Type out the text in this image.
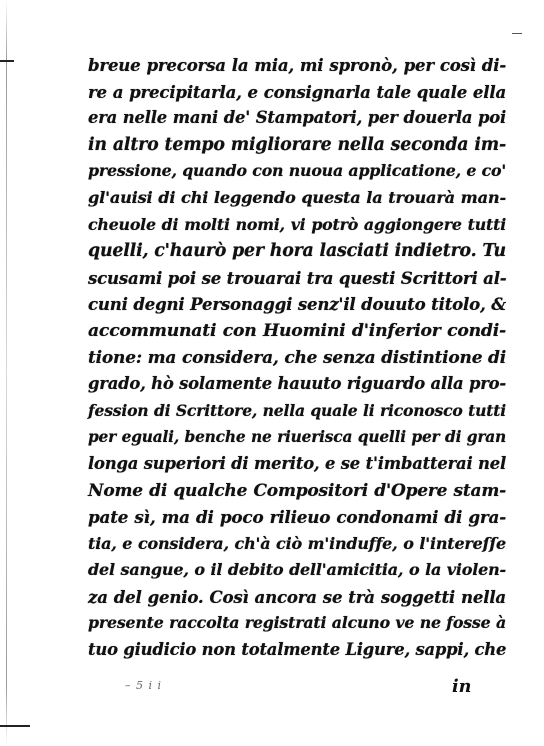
breue precorsa la mia, mi spronò, per così di-
re a precipitarla, e consignarla tale quale ella
era nelle mani de' Stampatori, per douerla poi
in altro tempo migliorare nella seconda im-
pressione, quando con nuoua applicatione, e co'
gl'auisi di chi leggendo questa la trouarà man-
cheuole di molti nomi, vi potrò aggiongere tutti
quelli, c'haurò per hora lasciati indietro. Tu
scusami poi se trouarai tra questi Scrittori al-
cuni degni Personaggi senz'il douuto titolo, &
accommunati con Huomini d'inferior condi-
tione: ma considera, che senza distintione di
grado, hò solamente hauuto riguardo alla pro-
fession di Scrittore, nella quale li riconosco tutti
per eguali, benche ne riuerisca quelli per di gran
longa superiori di merito, e se t'imbatterai nel
Nome di qualche Compositori d'Opere stam-
pate sì, ma di poco rilieuo condonami di gra-
tia, e considera, ch'à ciò m'induffe, o l'intereſſe
del sangue, o il debito dell'amicitia, o la violen-
za del genio. Così ancora se trà soggetti nella
presente raccolta registrati alcuno ve ne fosse à
tuo giudicio non totalmente Ligure, sappi, che
– 5 i i	in
